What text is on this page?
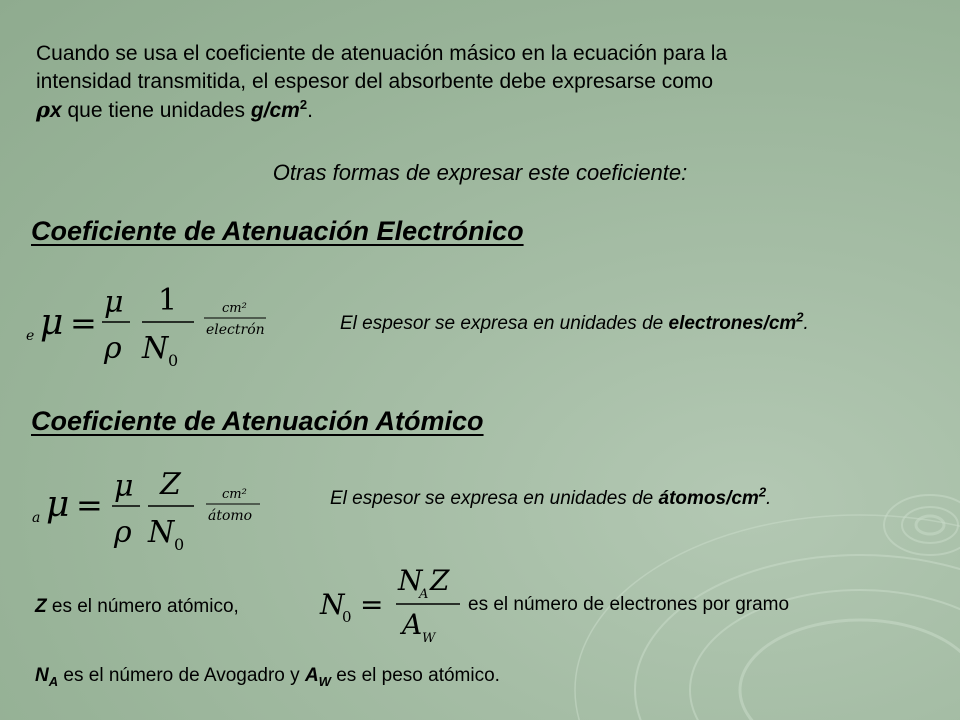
Cuando se usa el coeficiente de atenuación másico en la ecuación para la
intensidad transmitida, el espesor del absorbente debe expresarse como
ρx que tiene unidades $g/cm^2$.
Otras formas de expresar este coeficiente:
Coeficiente de Atenuación Electrónico
e μ =
μ
ρ
1
N 0
cm²
electrón	El espesor se expresa en unidades de electrones/$cm^2$.
Coeficiente de Atenuación Atómico
a μ = μ
ρ
Z
N 0
cm²
átomo
El espesor se expresa en unidades de átomos/$cm^2$.
Z es el número atómico,	N
0 =
N
A Z
A W
es el número de electrones por gramo
$N_A$ es el número de Avogadro y $A_W$ es el peso atómico.
